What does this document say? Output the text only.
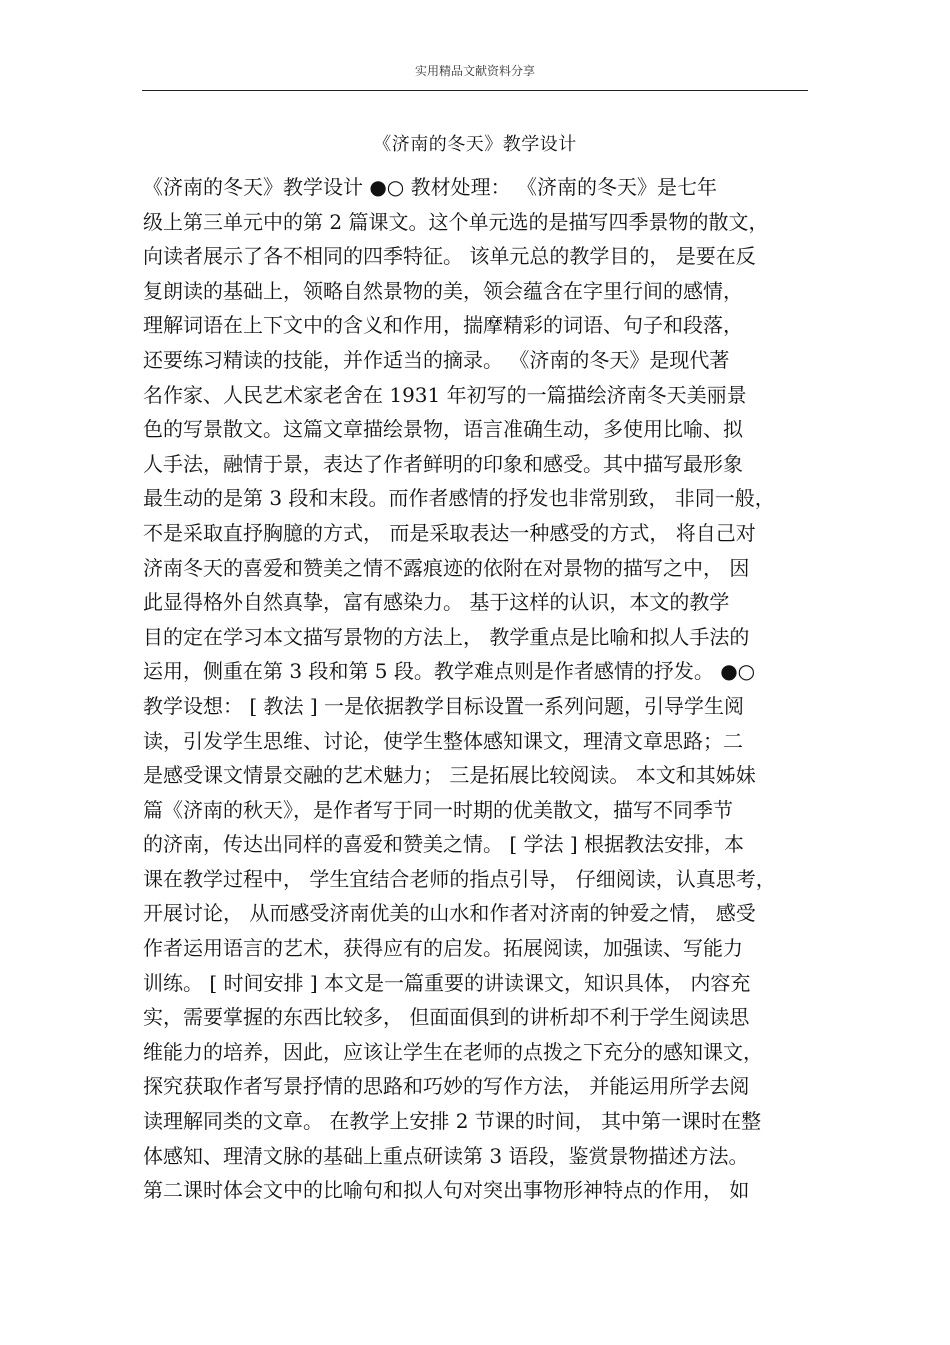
实用精品文献资料分享
《济南的冬天》教学设计
《济南的冬天》教学设计 ●○ 教材处理： 《济南的冬天》是七年
级上第三单元中的第 2 篇课文。这个单元选的是描写四季景物的散文，
向读者展示了各不相同的四季特征。 该单元总的教学目的， 是要在反
复朗读的基础上，领略自然景物的美，领会蕴含在字里行间的感情，
理解词语在上下文中的含义和作用，揣摩精彩的词语、句子和段落，
还要练习精读的技能，并作适当的摘录。 《济南的冬天》是现代著
名作家、人民艺术家老舍在 1931 年初写的一篇描绘济南冬天美丽景
色的写景散文。这篇文章描绘景物，语言准确生动，多使用比喻、拟
人手法，融情于景，表达了作者鲜明的印象和感受。其中描写最形象
最生动的是第 3 段和末段。而作者感情的抒发也非常别致， 非同一般，
不是采取直抒胸臆的方式， 而是采取表达一种感受的方式， 将自己对
济南冬天的喜爱和赞美之情不露痕迹的依附在对景物的描写之中， 因
此显得格外自然真挚，富有感染力。 基于这样的认识，本文的教学
目的定在学习本文描写景物的方法上， 教学重点是比喻和拟人手法的
运用，侧重在第 3 段和第 5 段。教学难点则是作者感情的抒发。 ●○
教学设想： [ 教法 ] 一是依据教学目标设置一系列问题，引导学生阅
读，引发学生思维、讨论，使学生整体感知课文，理清文章思路；二
是感受课文情景交融的艺术魅力； 三是拓展比较阅读。 本文和其姊妹
篇《济南的秋天》，是作者写于同一时期的优美散文，描写不同季节
的济南，传达出同样的喜爱和赞美之情。 [ 学法 ] 根据教法安排，本
课在教学过程中， 学生宜结合老师的指点引导， 仔细阅读，认真思考，
开展讨论， 从而感受济南优美的山水和作者对济南的钟爱之情， 感受
作者运用语言的艺术，获得应有的启发。拓展阅读，加强读、写能力
训练。 [ 时间安排 ] 本文是一篇重要的讲读课文，知识具体， 内容充
实，需要掌握的东西比较多， 但面面俱到的讲析却不利于学生阅读思
维能力的培养，因此，应该让学生在老师的点拨之下充分的感知课文，
探究获取作者写景抒情的思路和巧妙的写作方法， 并能运用所学去阅
读理解同类的文章。 在教学上安排 2 节课的时间， 其中第一课时在整
体感知、理清文脉的基础上重点研读第 3 语段，鉴赏景物描述方法。
第二课时体会文中的比喻句和拟人句对突出事物形神特点的作用， 如
